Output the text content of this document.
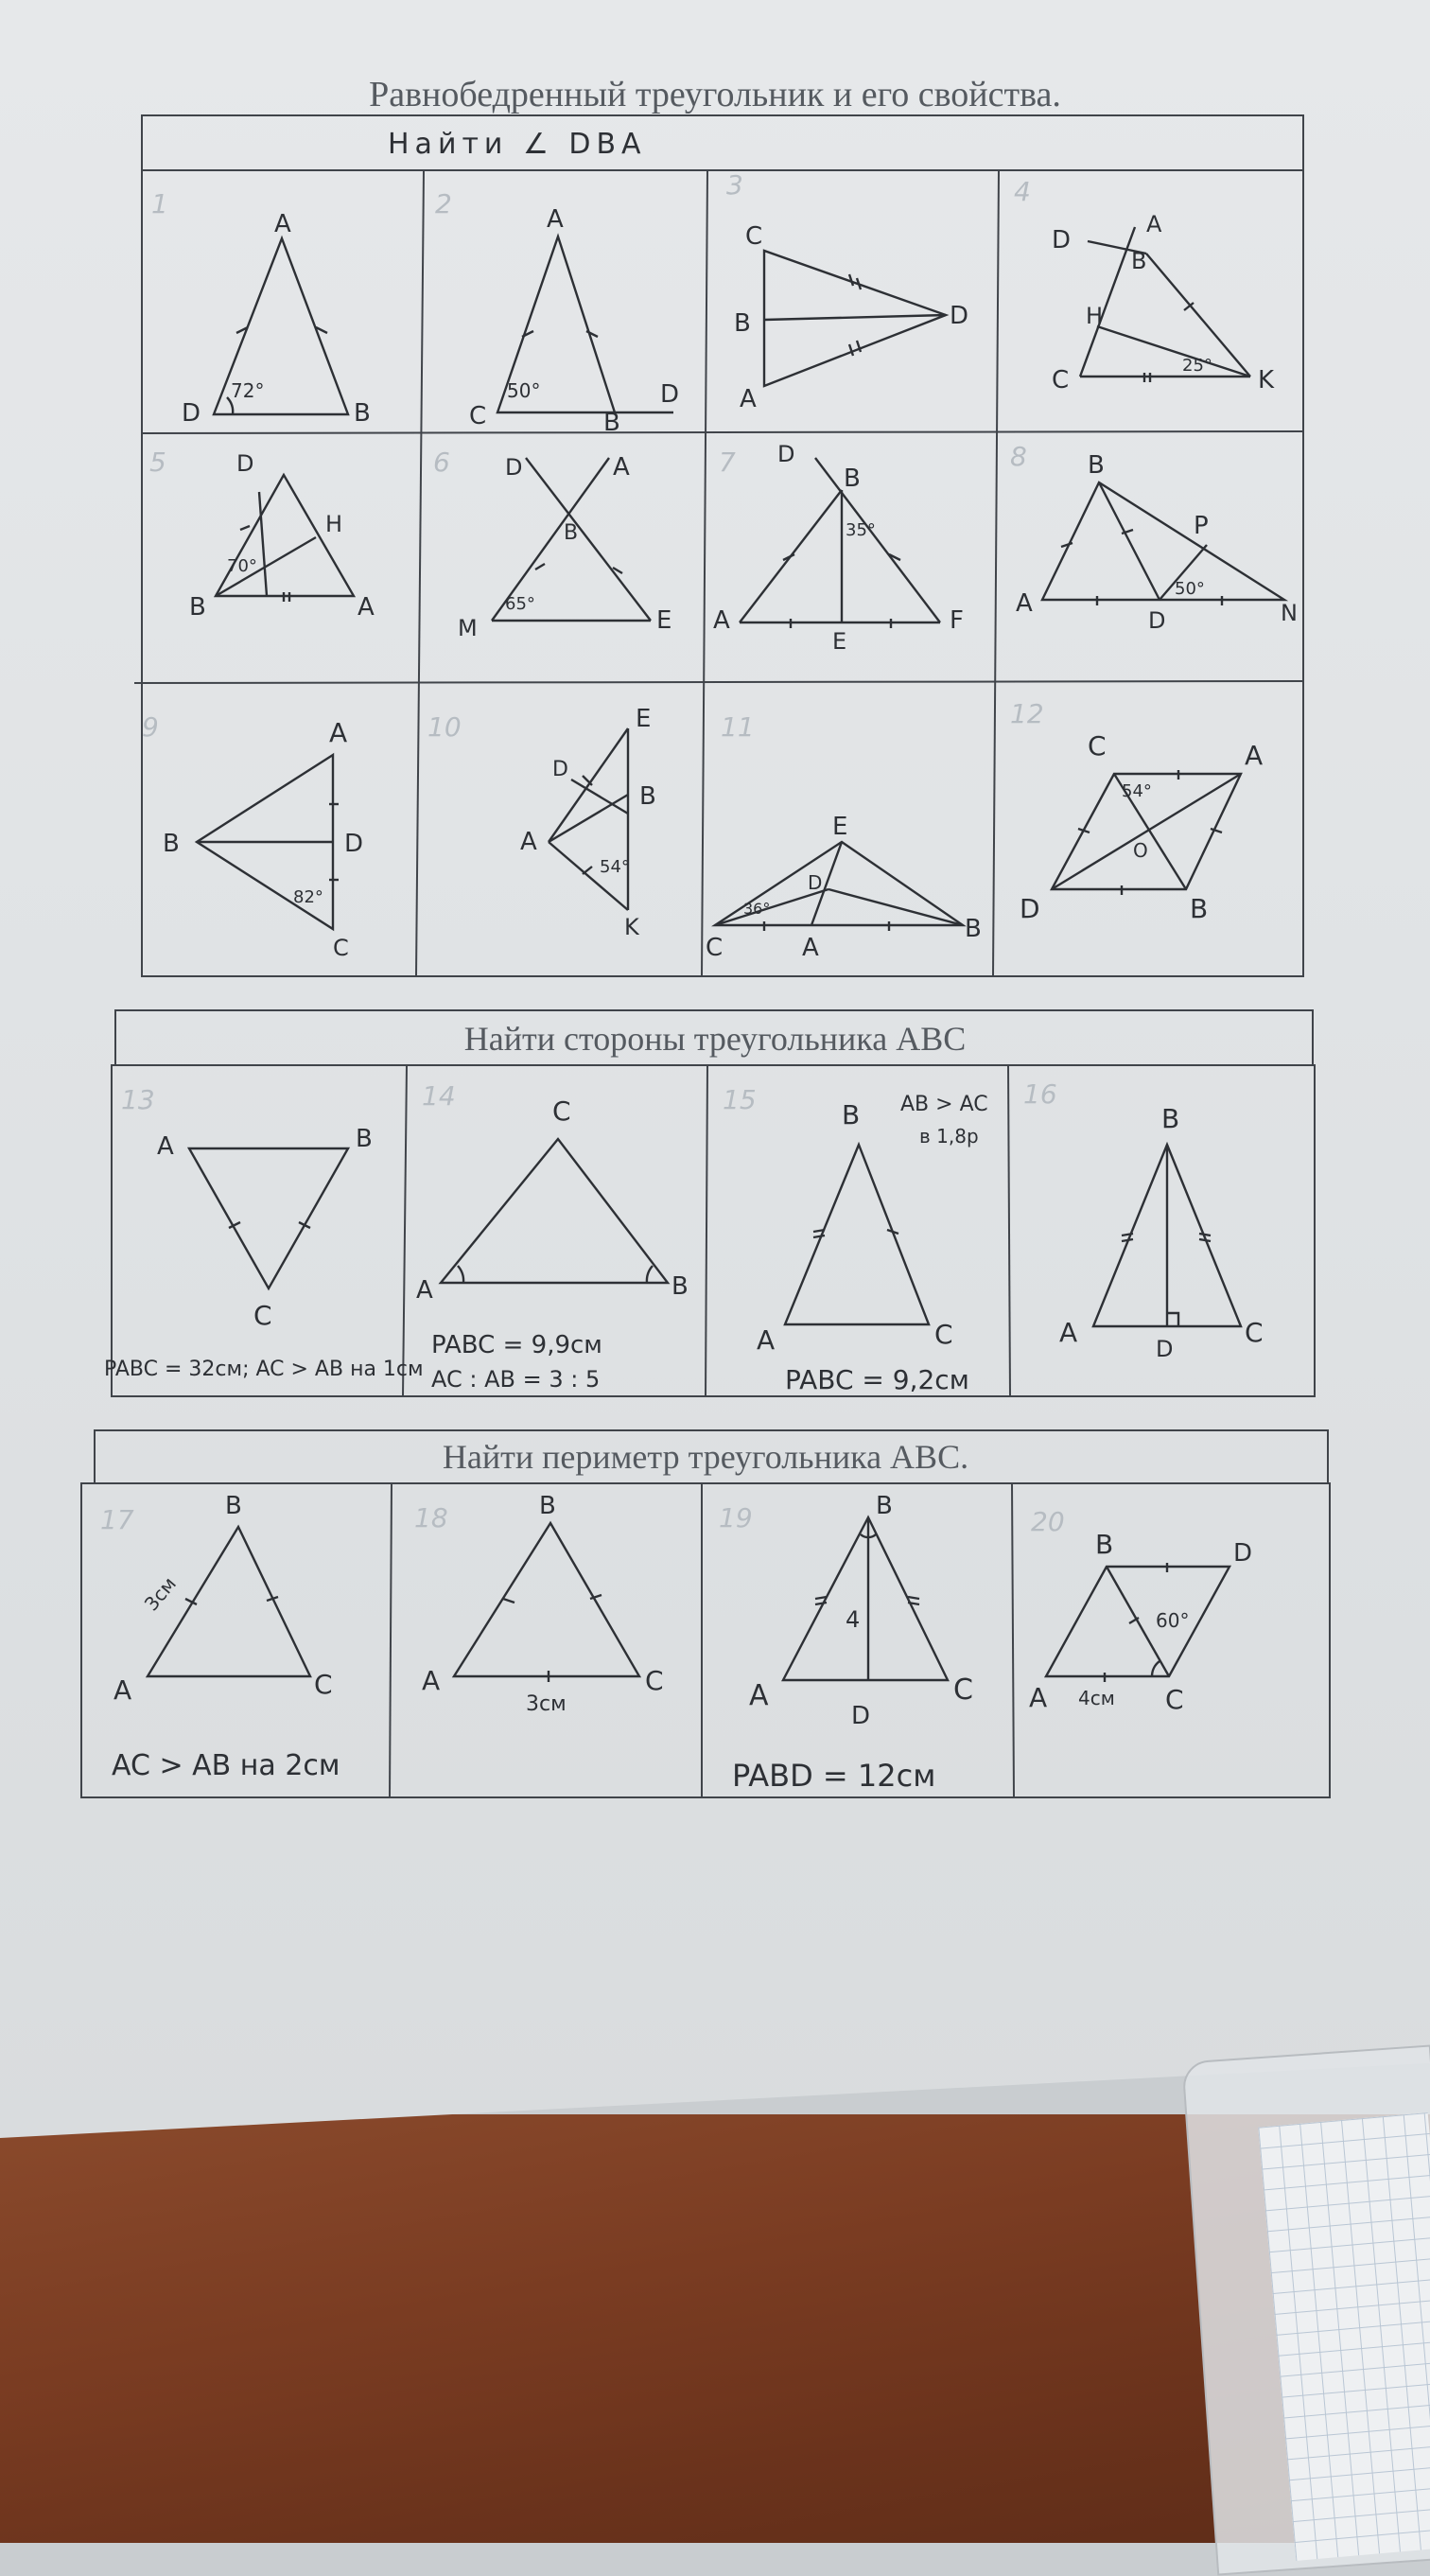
Равнобедренный треугольник и его свойства.
Найти ∠ DBA
1	2
3	4
A
D	B
72°
A
C	B
D
50°
C
B
A
D
D
A
B
H
C	K
25°
5	6	7	8
D
H
B	A
70°
D	A
B
M	E
65°
D
B
A
E
F
35°
B
P
A
D	N
50°
9	10	11	12
A
B	D
C
82°
E
D
B
A
K
54°
E
D
C	A
B
36°
C	A
O
D	B
54°
Найти стороны треугольника ABC
13	14	15	16
A	B
C
PABC = 32см; AC > AB на 1см
C
A	B
PABC = 9,9см
AC : AB = 3 : 5
B
A	C
AB > AC
в 1,8р
PABC = 9,2см
B
A
D
C
Найти периметр треугольника ABC.
17	18	19	20
B
A	C
3см
AC > AB на 2см
B
A	C
3см
B
A
D
C
4
PABD = 12см
B	D
A	C
4см
60°
